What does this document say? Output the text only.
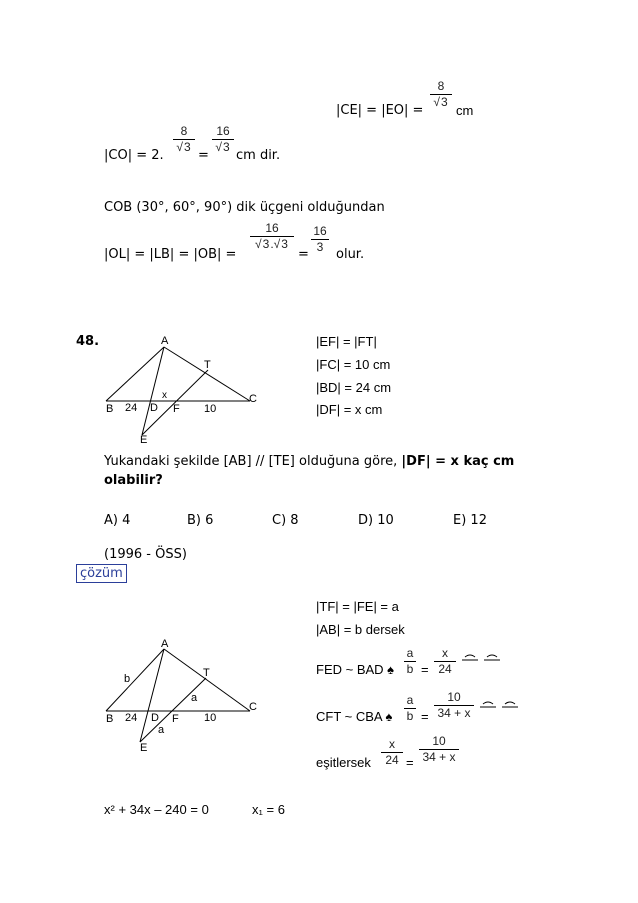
|CE| = |EO| =
8
√3
cm
|CO| = 2.
8
√3
=
16
√3
cm dir.
COB (30°, 60°, 90°) dik üçgeni olduğundan
|OL| = |LB| = |OB| =
16
√3.√3
=
16
3 olur.
48.	A
T
C
B 24 D F 10
x
E
|EF| = |FT|
|FC| = 10 cm
|BD| = 24 cm
|DF| = x cm
Yukandaki şekilde [AB] // [TE] olduğuna göre, |DF| = x kaç cm
olabilir?
A) 4	B) 6	C) 8	D) 10	E) 12
(1996 - ÖSS)
çözüm
|TF| = |FE| = a
|AB| = b dersek
A
T
C
B 24 D F 10
b
a
a
E
FED ~ BAD ♠
a
b =
x
24
CFT ~ CBA ♠
a
b =
10
34 + x
eşitlersek
x
24 =
10
34 + x
x² + 34x – 240 = 0	x₁ = 6
